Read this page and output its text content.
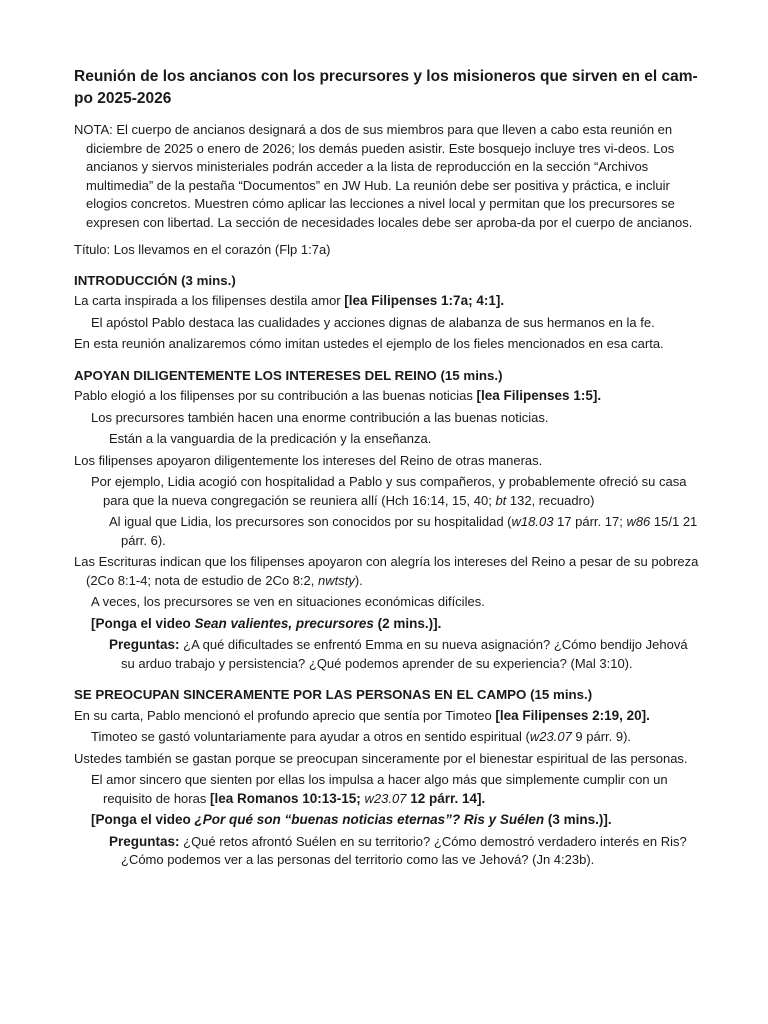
Reunión de los ancianos con los precursores y los misioneros que sirven en el cam-po 2025-2026

NOTA: El cuerpo de ancianos designará a dos de sus miembros para que lleven a cabo esta reunión en diciembre de 2025 o enero de 2026; los demás pueden asistir. Este bosquejo incluye tres vi-deos. Los ancianos y siervos ministeriales podrán acceder a la lista de reproducción en la sección “Archivos multimedia” de la pestaña “Documentos” en JW Hub. La reunión debe ser positiva y práctica, e incluir elogios concretos. Muestren cómo aplicar las lecciones a nivel local y permitan que los precursores se expresen con libertad. La sección de necesidades locales debe ser aproba-da por el cuerpo de ancianos.

Título: Los llevamos en el corazón (Flp 1:7a)

INTRODUCCIÓN (3 mins.)

La carta inspirada a los filipenses destila amor [lea Filipenses 1:7a; 4:1].

El apóstol Pablo destaca las cualidades y acciones dignas de alabanza de sus hermanos en la fe.

En esta reunión analizaremos cómo imitan ustedes el ejemplo de los fieles mencionados en esa carta.

APOYAN DILIGENTEMENTE LOS INTERESES DEL REINO (15 mins.)

Pablo elogió a los filipenses por su contribución a las buenas noticias [lea Filipenses 1:5].

Los precursores también hacen una enorme contribución a las buenas noticias.

Están a la vanguardia de la predicación y la enseñanza.

Los filipenses apoyaron diligentemente los intereses del Reino de otras maneras.

Por ejemplo, Lidia acogió con hospitalidad a Pablo y sus compañeros, y probablemente ofreció su casa para que la nueva congregación se reuniera allí (Hch 16:14, 15, 40; bt 132, recuadro)

Al igual que Lidia, los precursores son conocidos por su hospitalidad (w18.03 17 párr. 17; w86 15/1 21 párr. 6).

Las Escrituras indican que los filipenses apoyaron con alegría los intereses del Reino a pesar de su pobreza (2Co 8:1-4; nota de estudio de 2Co 8:2, nwtsty).

A veces, los precursores se ven en situaciones económicas difíciles.

[Ponga el video Sean valientes, precursores (2 mins.)].

Preguntas: ¿A qué dificultades se enfrentó Emma en su nueva asignación? ¿Cómo bendijo Jehová su arduo trabajo y persistencia? ¿Qué podemos aprender de su experiencia? (Mal 3:10).

SE PREOCUPAN SINCERAMENTE POR LAS PERSONAS EN EL CAMPO (15 mins.)

En su carta, Pablo mencionó el profundo aprecio que sentía por Timoteo [lea Filipenses 2:19, 20].

Timoteo se gastó voluntariamente para ayudar a otros en sentido espiritual (w23.07 9 párr. 9).

Ustedes también se gastan porque se preocupan sinceramente por el bienestar espiritual de las personas.

El amor sincero que sienten por ellas los impulsa a hacer algo más que simplemente cumplir con un requisito de horas [lea Romanos 10:13-15; w23.07 12 párr. 14].

[Ponga el video ¿Por qué son “buenas noticias eternas”? Ris y Suélen (3 mins.)].

Preguntas: ¿Qué retos afrontó Suélen en su territorio? ¿Cómo demostró verdadero interés en Ris? ¿Cómo podemos ver a las personas del territorio como las ve Jehová? (Jn 4:23b).
